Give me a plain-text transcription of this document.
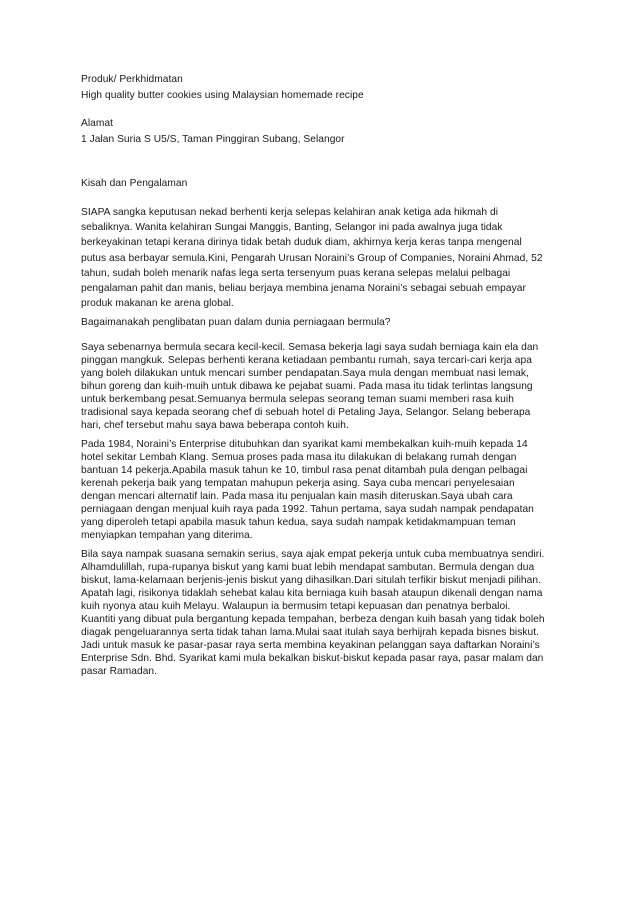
Produk/ Perkhidmatan
High quality butter cookies using Malaysian homemade recipe
Alamat
1 Jalan Suria S U5/S, Taman Pinggiran Subang, Selangor
Kisah dan Pengalaman
SIAPA sangka keputusan nekad berhenti kerja selepas kelahiran anak ketiga ada hikmah di
sebaliknya. Wanita kelahiran Sungai Manggis, Banting, Selangor ini pada awalnya juga tidak
berkeyakinan tetapi kerana dirinya tidak betah duduk diam, akhirnya kerja keras tanpa mengenal
putus asa berbayar semula.Kini, Pengarah Urusan Noraini’s Group of Companies, Noraini Ahmad, 52
tahun, sudah boleh menarik nafas lega serta tersenyum puas kerana selepas melalui pelbagai
pengalaman pahit dan manis, beliau berjaya membina jenama Noraini’s sebagai sebuah empayar
produk makanan ke arena global.
Bagaimanakah penglibatan puan dalam dunia perniagaan bermula?
Saya sebenarnya bermula secara kecil-kecil. Semasa bekerja lagi saya sudah berniaga kain ela dan
pinggan mangkuk. Selepas berhenti kerana ketiadaan pembantu rumah, saya tercari-cari kerja apa
yang boleh dilakukan untuk mencari sumber pendapatan.Saya mula dengan membuat nasi lemak,
bihun goreng dan kuih-muih untuk dibawa ke pejabat suami. Pada masa itu tidak terlintas langsung
untuk berkembang pesat.Semuanya bermula selepas seorang teman suami memberi rasa kuih
tradisional saya kepada seorang chef di sebuah hotel di Petaling Jaya, Selangor. Selang beberapa
hari, chef tersebut mahu saya bawa beberapa contoh kuih.
Pada 1984, Noraini’s Enterprise ditubuhkan dan syarikat kami membekalkan kuih-muih kepada 14
hotel sekitar Lembah Klang. Semua proses pada masa itu dilakukan di belakang rumah dengan
bantuan 14 pekerja.Apabila masuk tahun ke 10, timbul rasa penat ditambah pula dengan pelbagai
kerenah pekerja baik yang tempatan mahupun pekerja asing. Saya cuba mencari penyelesaian
dengan mencari alternatif lain. Pada masa itu penjualan kain masih diteruskan.Saya ubah cara
perniagaan dengan menjual kuih raya pada 1992. Tahun pertama, saya sudah nampak pendapatan
yang diperoleh tetapi apabila masuk tahun kedua, saya sudah nampak ketidakmampuan teman
menyiapkan tempahan yang diterima.
Bila saya nampak suasana semakin serius, saya ajak empat pekerja untuk cuba membuatnya sendiri.
Alhamdulillah, rupa-rupanya biskut yang kami buat lebih mendapat sambutan. Bermula dengan dua
biskut, lama-kelamaan berjenis-jenis biskut yang dihasilkan.Dari situlah terfikir biskut menjadi pilihan.
Apatah lagi, risikonya tidaklah sehebat kalau kita berniaga kuih basah ataupun dikenali dengan nama
kuih nyonya atau kuih Melayu. Walaupun ia bermusim tetapi kepuasan dan penatnya berbaloi.
Kuantiti yang dibuat pula bergantung kepada tempahan, berbeza dengan kuih basah yang tidak boleh
diagak pengeluarannya serta tidak tahan lama.Mulai saat itulah saya berhijrah kepada bisnes biskut.
Jadi untuk masuk ke pasar-pasar raya serta membina keyakinan pelanggan saya daftarkan Noraini’s
Enterprise Sdn. Bhd. Syarikat kami mula bekalkan biskut-biskut kepada pasar raya, pasar malam dan
pasar Ramadan.
